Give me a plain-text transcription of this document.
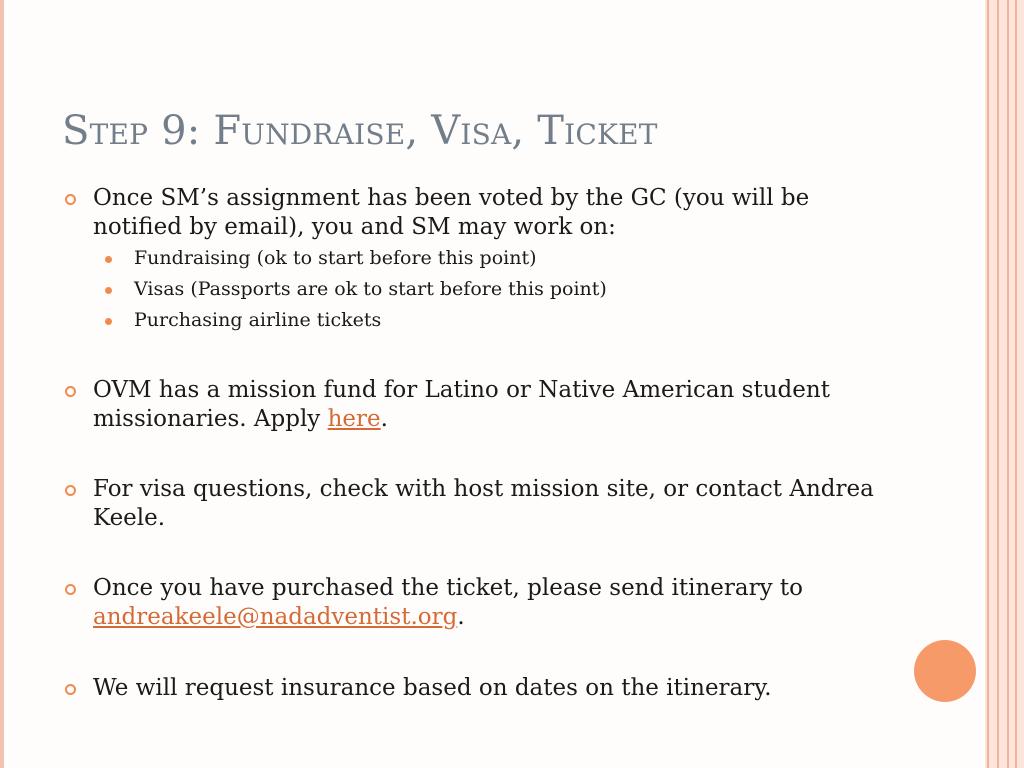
Step 9: Fundraise, Visa, Ticket
Once SM’s assignment has been voted by the GC (you will be notified by email), you and SM may work on:
Fundraising (ok to start before this point)
Visas (Passports are ok to start before this point)
Purchasing airline tickets
OVM has a mission fund for Latino or Native American student missionaries. Apply here.
For visa questions, check with host mission site, or contact Andrea Keele.
Once you have purchased the ticket, please send itinerary to andreakeele@nadadventist.org.
We will request insurance based on dates on the itinerary.
